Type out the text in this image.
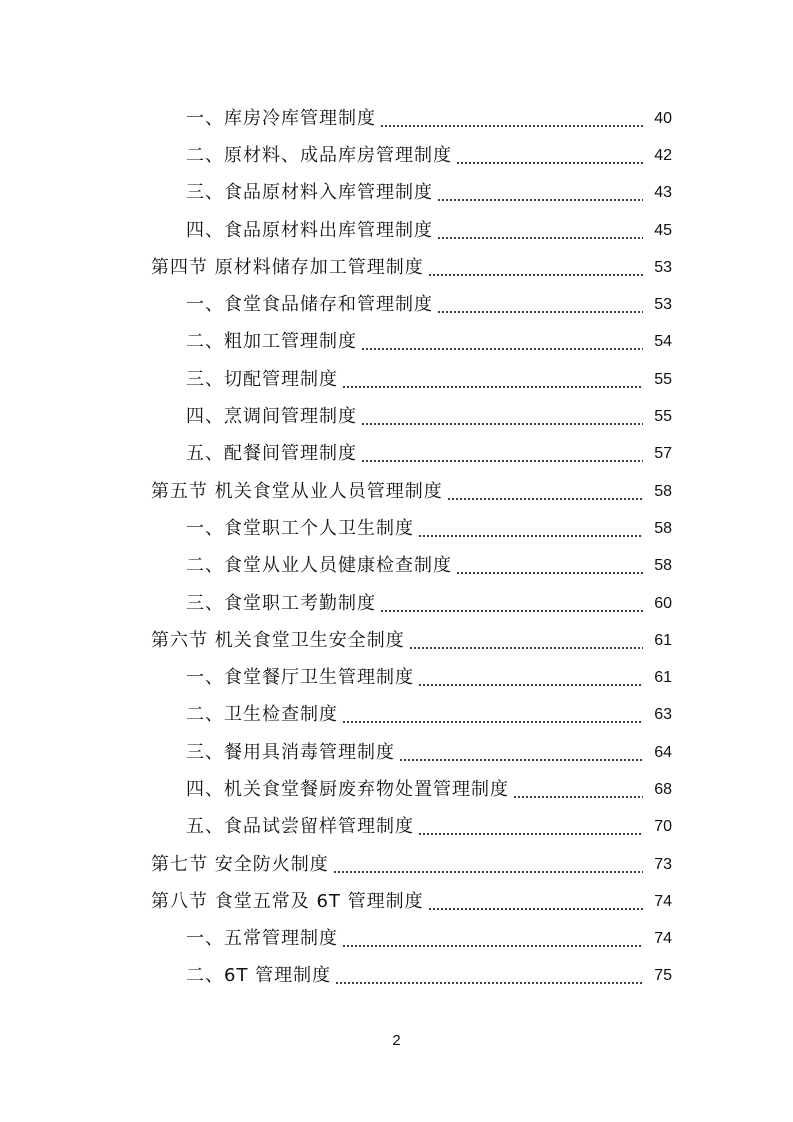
一、库房冷库管理制度	40
二、原材料、成品库房管理制度	42
三、食品原材料入库管理制度	43
四、食品原材料出库管理制度	45
第四节 原材料储存加工管理制度	53
一、食堂食品储存和管理制度	53
二、粗加工管理制度	54
三、切配管理制度	55
四、烹调间管理制度	55
五、配餐间管理制度	57
第五节 机关食堂从业人员管理制度	58
一、食堂职工个人卫生制度	58
二、食堂从业人员健康检查制度	58
三、食堂职工考勤制度	60
第六节 机关食堂卫生安全制度	61
一、食堂餐厅卫生管理制度	61
二、卫生检查制度	63
三、餐用具消毒管理制度	64
四、机关食堂餐厨废弃物处置管理制度	68
五、食品试尝留样管理制度	70
第七节 安全防火制度	73
第八节 食堂五常及 6T 管理制度	74
一、五常管理制度	74
二、6T 管理制度	75
2
